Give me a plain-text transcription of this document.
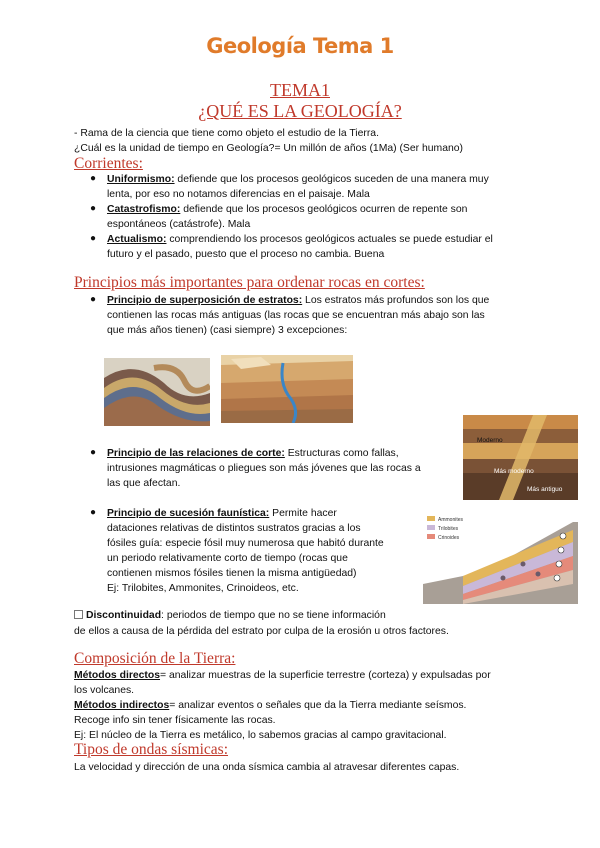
Geología Tema 1
TEMA1
¿QUÉ ES LA GEOLOGÍA?
- Rama de la ciencia que tiene como objeto el estudio de la Tierra.
¿Cuál es la unidad de tiempo en Geología?= Un millón de años (1Ma) (Ser humano)
Corrientes:
● Uniformismo: defiende que los procesos geológicos suceden de una manera muy
lenta, por eso no notamos diferencias en el paisaje. Mala
● Catastrofismo: defiende que los procesos geológicos ocurren de repente son
espontáneos (catástrofe). Mala
● Actualismo: comprendiendo los procesos geológicos actuales se puede estudiar el
futuro y el pasado, puesto que el proceso no cambia. Buena
Principios más importantes para ordenar rocas en cortes:
● Principio de superposición de estratos: Los estratos más profundos son los que
contienen las rocas más antiguas (las rocas que se encuentran más abajo son las
que más años tienen) (casi siempre) 3 excepciones:
Moderno
Más moderno
Más antiguo
● Principio de las relaciones de corte: Estructuras como fallas,
intrusiones magmáticas o pliegues son más jóvenes que las rocas a
las que afectan.
● Principio de sucesión faunística: Permite hacer
dataciones relativas de distintos sustratos gracias a los
fósiles guía: especie fósil muy numerosa que habitó durante
un periodo relativamente corto de tiempo (rocas que
contienen mismos fósiles tienen la misma antigüedad)
Ej: Trilobites, Ammonites, Crinoideos, etc.
Ammonites
Trilobites
Crinoides
Discontinuidad: periodos de tiempo que no se tiene información
de ellos a causa de la pérdida del estrato por culpa de la erosión u otros factores.
Composición de la Tierra:
Métodos directos= analizar muestras de la superficie terrestre (corteza) y expulsadas por
los volcanes.
Métodos indirectos= analizar eventos o señales que da la Tierra mediante seísmos.
Recoge info sin tener físicamente las rocas.
Ej: El núcleo de la Tierra es metálico, lo sabemos gracias al campo gravitacional.
Tipos de ondas sísmicas:
La velocidad y dirección de una onda sísmica cambia al atravesar diferentes capas.
